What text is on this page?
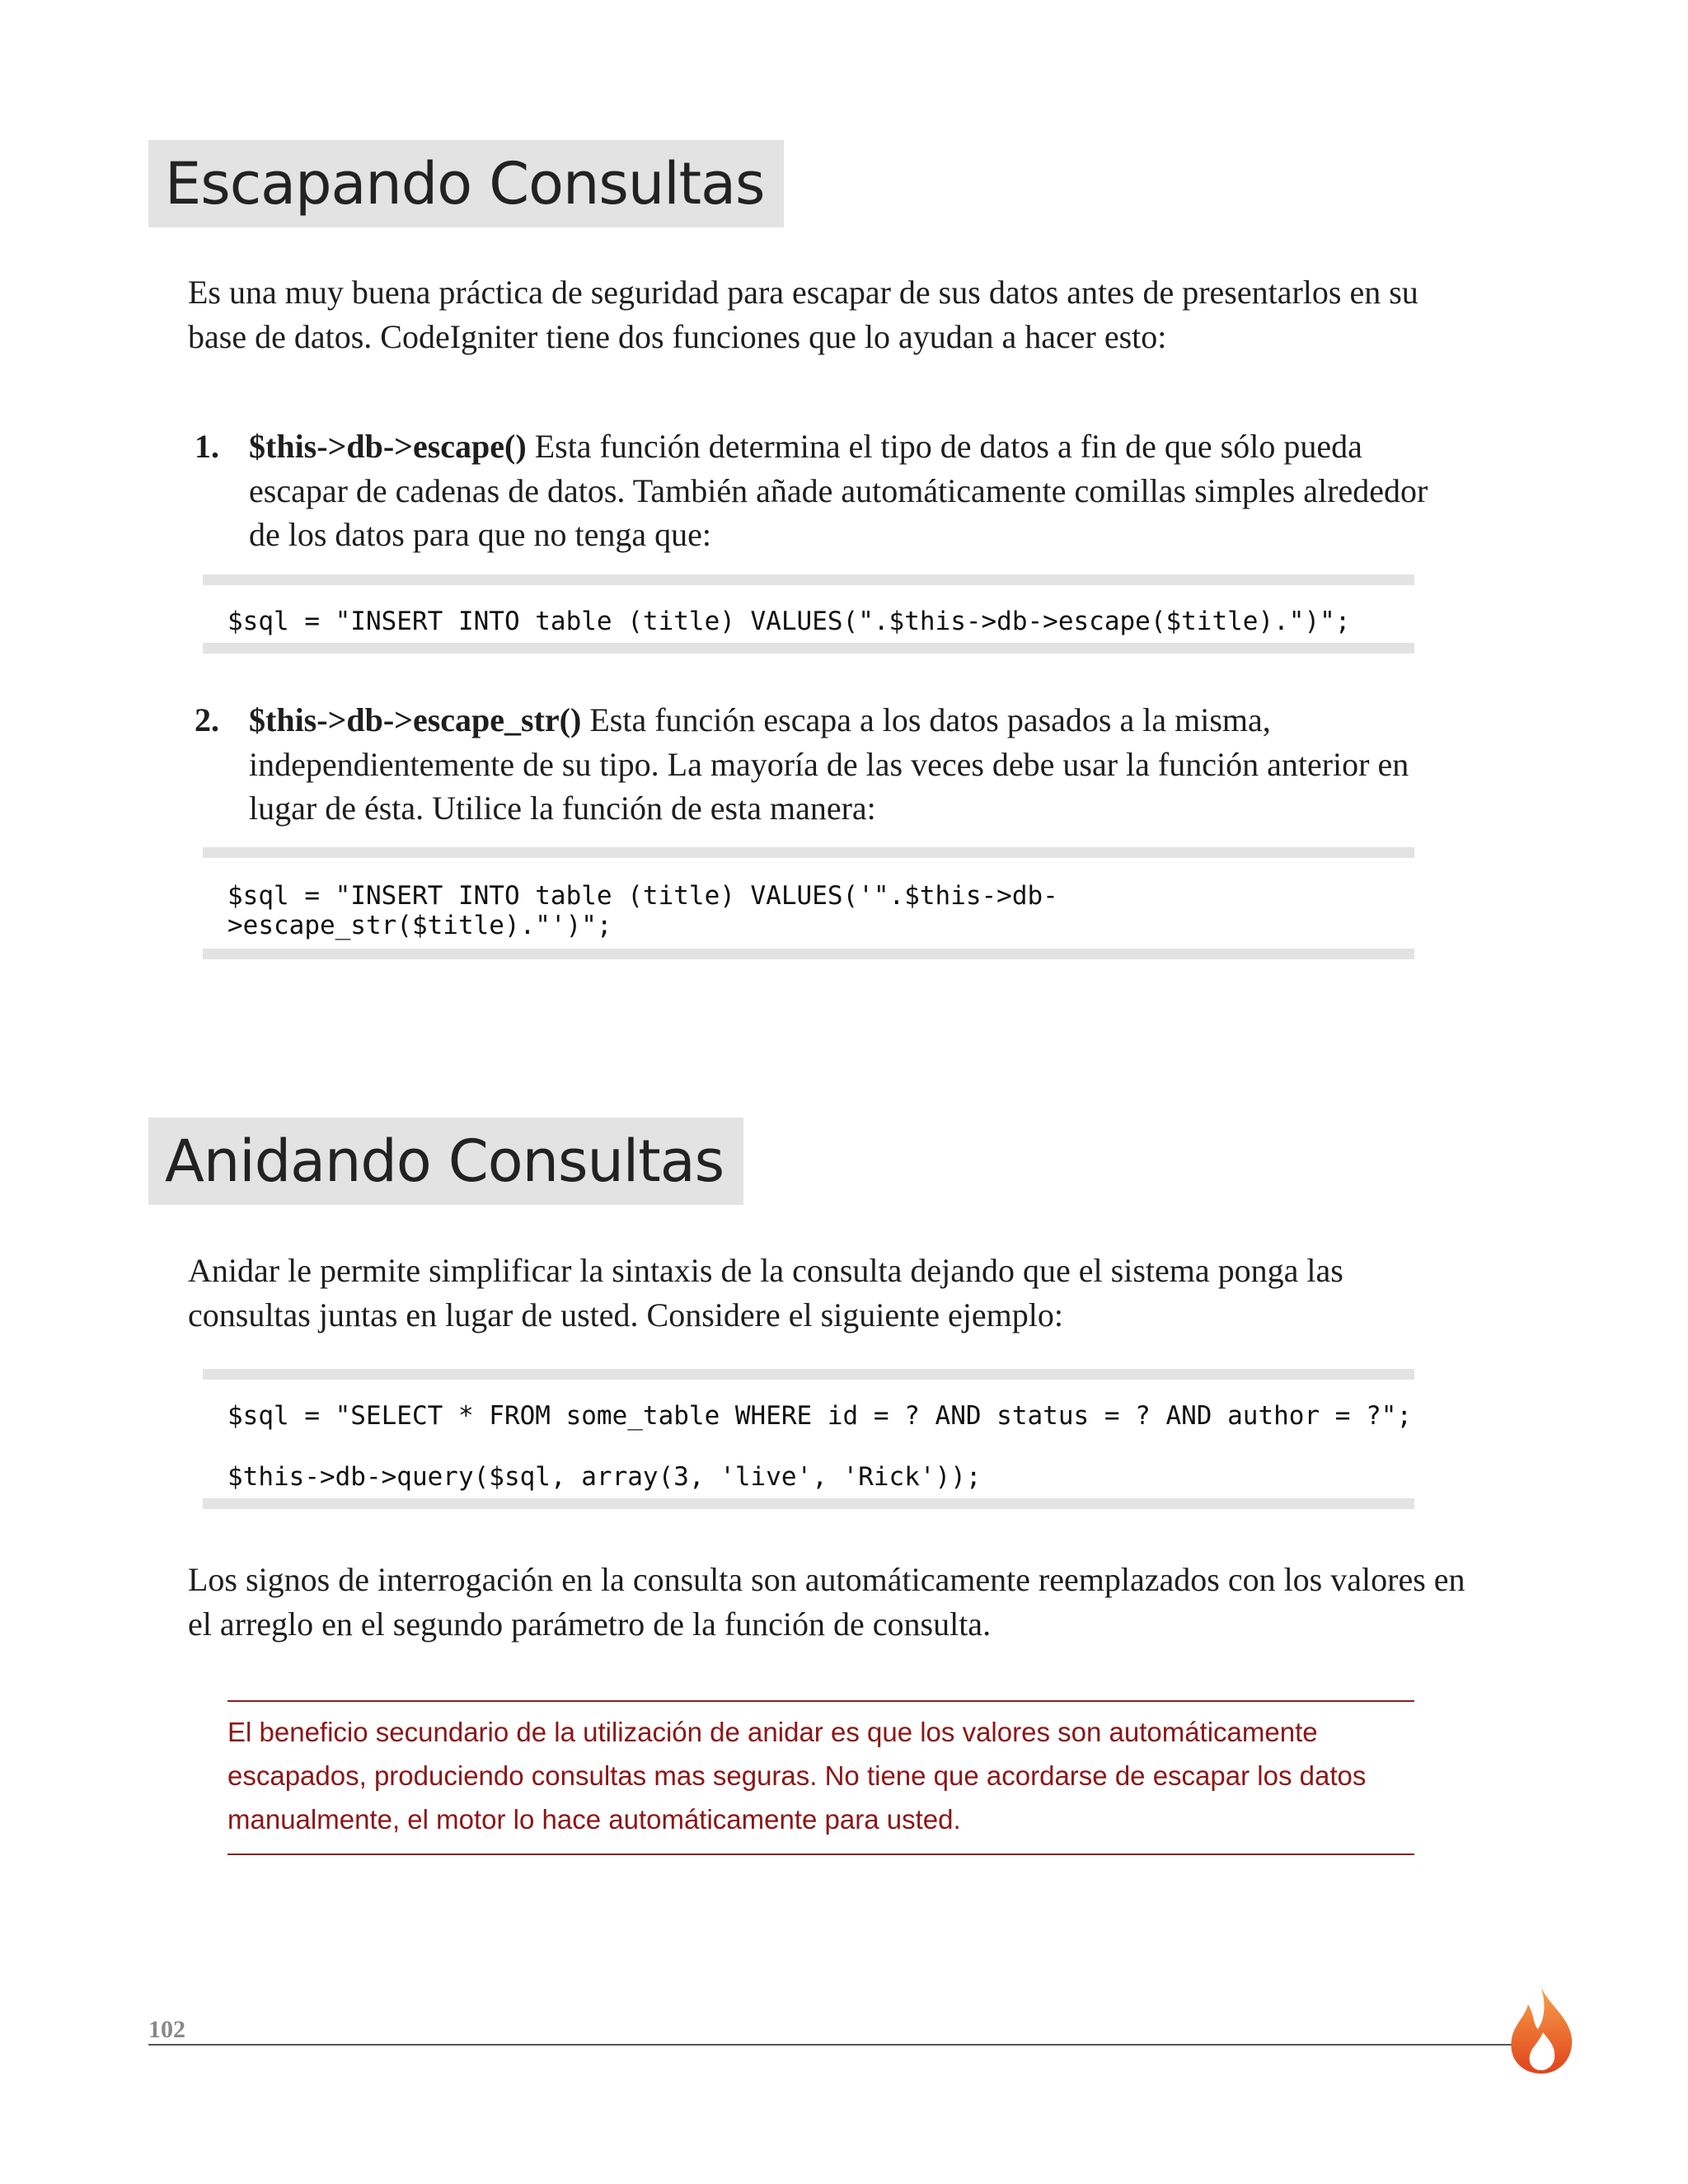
Escapando Consultas

Es una muy buena práctica de seguridad para escapar de sus datos antes de presentarlos en su base de datos. CodeIgniter tiene dos funciones que lo ayudan a hacer esto:

1. $this->db->escape() Esta función determina el tipo de datos a fin de que sólo pueda escapar de cadenas de datos. También añade automáticamente comillas simples alrededor de los datos para que no tenga que:
$sql = "INSERT INTO table (title) VALUES(".$this->db->escape($title).")";
2. $this->db->escape_str() Esta función escapa a los datos pasados a la misma, independientemente de su tipo. La mayoría de las veces debe usar la función anterior en lugar de ésta. Utilice la función de esta manera:
$sql = "INSERT INTO table (title) VALUES('".$this->db-
>escape_str($title)."')";
Anidando Consultas

Anidar le permite simplificar la sintaxis de la consulta dejando que el sistema ponga las consultas juntas en lugar de usted. Considere el siguiente ejemplo:

$sql = "SELECT * FROM some_table WHERE id = ? AND status = ? AND author = ?";
$this->db->query($sql, array(3, 'live', 'Rick'));

Los signos de interrogación en la consulta son automáticamente reemplazados con los valores en el arreglo en el segundo parámetro de la función de consulta.

El beneficio secundario de la utilización de anidar es que los valores son automáticamente escapados, produciendo consultas mas seguras. No tiene que acordarse de escapar los datos manualmente, el motor lo hace automáticamente para usted.
102
